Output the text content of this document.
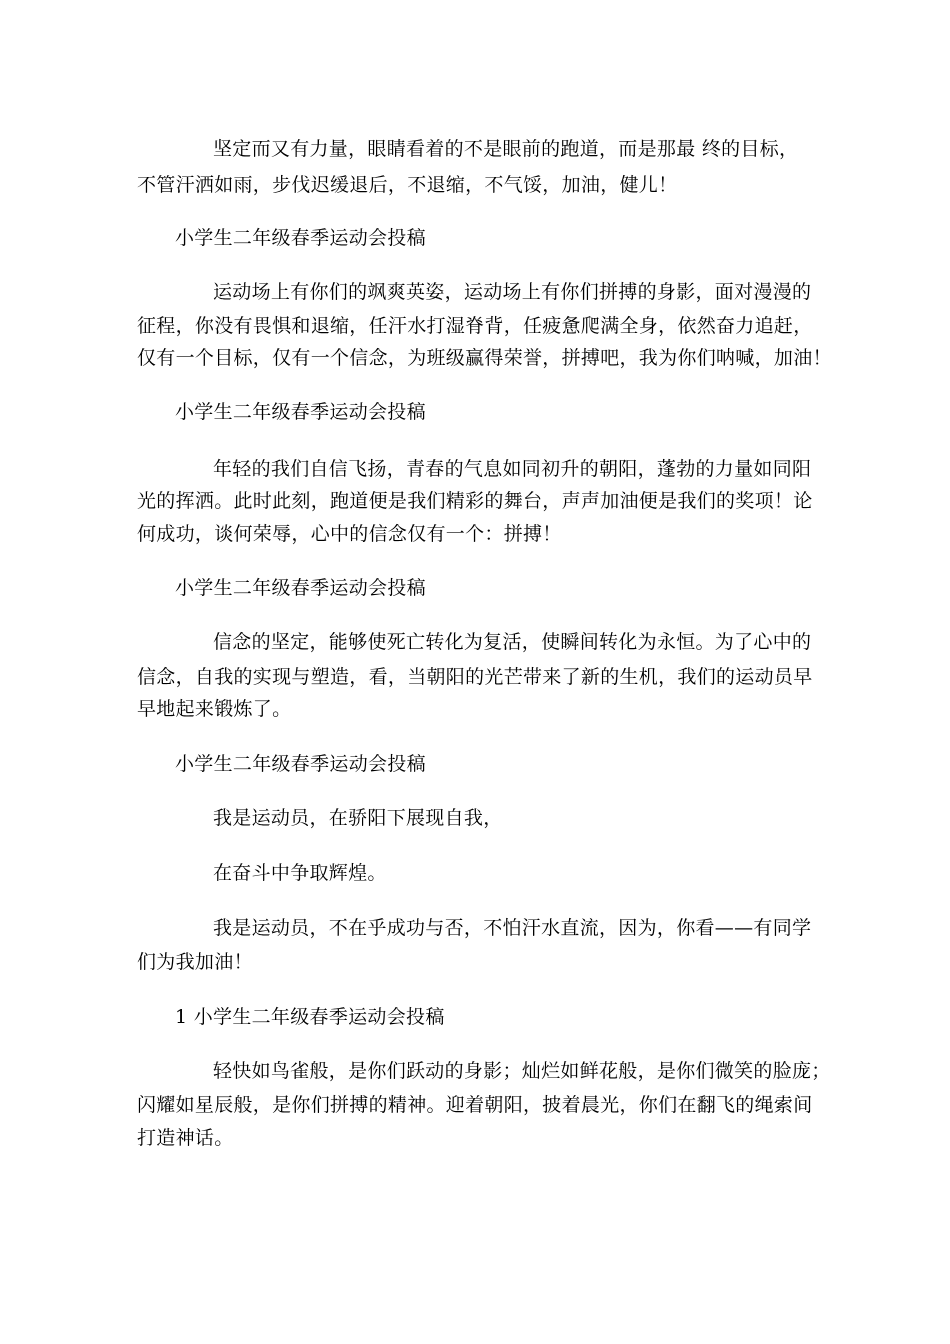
坚定而又有力量，眼睛看着的不是眼前的跑道，而是那最 终的目标，
不管汗洒如雨，步伐迟缓退后，不退缩，不气馁，加油，健儿！
小学生二年级春季运动会投稿
运动场上有你们的飒爽英姿，运动场上有你们拼搏的身影，面对漫漫的
征程，你没有畏惧和退缩，任汗水打湿脊背，任疲惫爬满全身，依然奋力追赶，
仅有一个目标，仅有一个信念，为班级赢得荣誉，拼搏吧，我为你们呐喊，加油！
小学生二年级春季运动会投稿
年轻的我们自信飞扬，青春的气息如同初升的朝阳，蓬勃的力量如同阳
光的挥洒。此时此刻，跑道便是我们精彩的舞台，声声加油便是我们的奖项！论
何成功，谈何荣辱，心中的信念仅有一个：拼搏！
小学生二年级春季运动会投稿
信念的坚定，能够使死亡转化为复活，使瞬间转化为永恒。为了心中的
信念，自我的实现与塑造，看，当朝阳的光芒带来了新的生机，我们的运动员早
早地起来锻炼了。
小学生二年级春季运动会投稿
我是运动员，在骄阳下展现自我，
在奋斗中争取辉煌。
我是运动员，不在乎成功与否，不怕汗水直流，因为，你看——有同学
们为我加油！
1 小学生二年级春季运动会投稿
轻快如鸟雀般，是你们跃动的身影；灿烂如鲜花般，是你们微笑的脸庞；
闪耀如星辰般，是你们拼搏的精神。迎着朝阳，披着晨光，你们在翻飞的绳索间
打造神话。
